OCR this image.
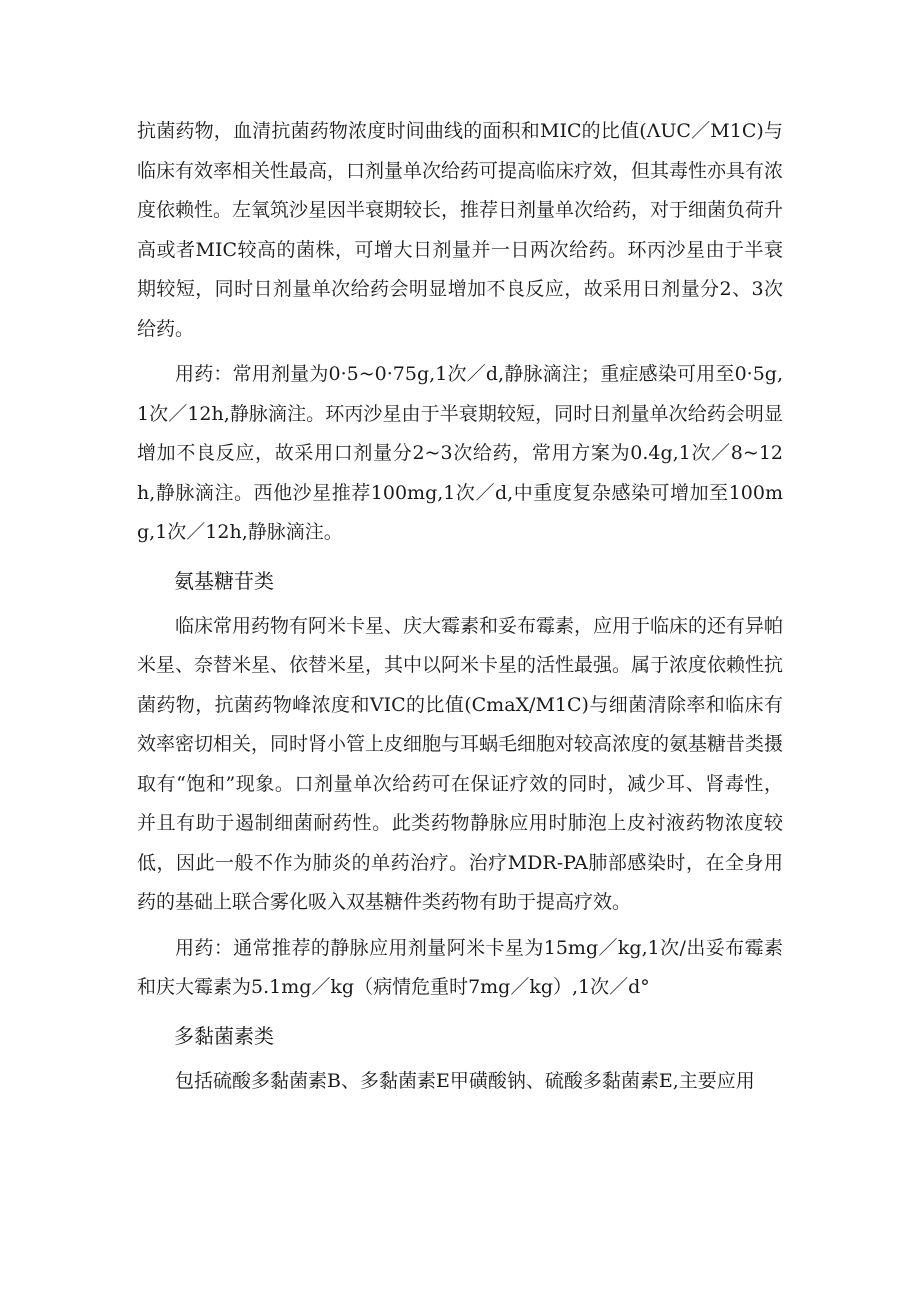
抗菌药物，血清抗菌药物浓度时间曲线的面积和MIC的比值(ΛUC／M1C)与临床有效率相关性最高，口剂量单次给药可提高临床疗效，但其毒性亦具有浓度依赖性。左氧筑沙星因半衰期较长，推荐日剂量单次给药，对于细菌负荷升高或者MIC较高的菌株，可增大日剂量并一日两次给药。环丙沙星由于半衰期较短，同时日剂量单次给药会明显增加不良反应，故采用日剂量分2、3次给药。

用药：常用剂量为0·5~0·75g,1次／d,静脉滴注；重症感染可用至0·5g,1次／12h,静脉滴注。环丙沙星由于半衰期较短，同时日剂量单次给药会明显增加不良反应，故采用口剂量分2~3次给药，常用方案为0.4g,1次／8~12h,静脉滴注。西他沙星推荐100mg,1次／d,中重度复杂感染可增加至100mg,1次／12h,静脉滴注。

氨基糖苷类

临床常用药物有阿米卡星、庆大霉素和妥布霉素，应用于临床的还有异帕米星、奈替米星、依替米星，其中以阿米卡星的活性最强。属于浓度依赖性抗菌药物，抗菌药物峰浓度和VIC的比值(CmaX/M1C)与细菌清除率和临床有效率密切相关，同时肾小管上皮细胞与耳蜗毛细胞对较高浓度的氨基糖昔类摄取有“饱和”现象。口剂量单次给药可在保证疗效的同时，减少耳、肾毒性，并且有助于遏制细菌耐药性。此类药物静脉应用时肺泡上皮衬液药物浓度较低，因此一般不作为肺炎的单药治疗。治疗MDR-PA肺部感染时，在全身用药的基础上联合雾化吸入双基糖件类药物有助于提高疗效。

用药：通常推荐的静脉应用剂量阿米卡星为15mg／kg,1次/出妥布霉素和庆大霉素为5.1mg／kg（病情危重时7mg／kg）,1次／d°

多黏菌素类

包括硫酸多黏菌素B、多黏菌素E甲磺酸钠、硫酸多黏菌素E,主要应用
